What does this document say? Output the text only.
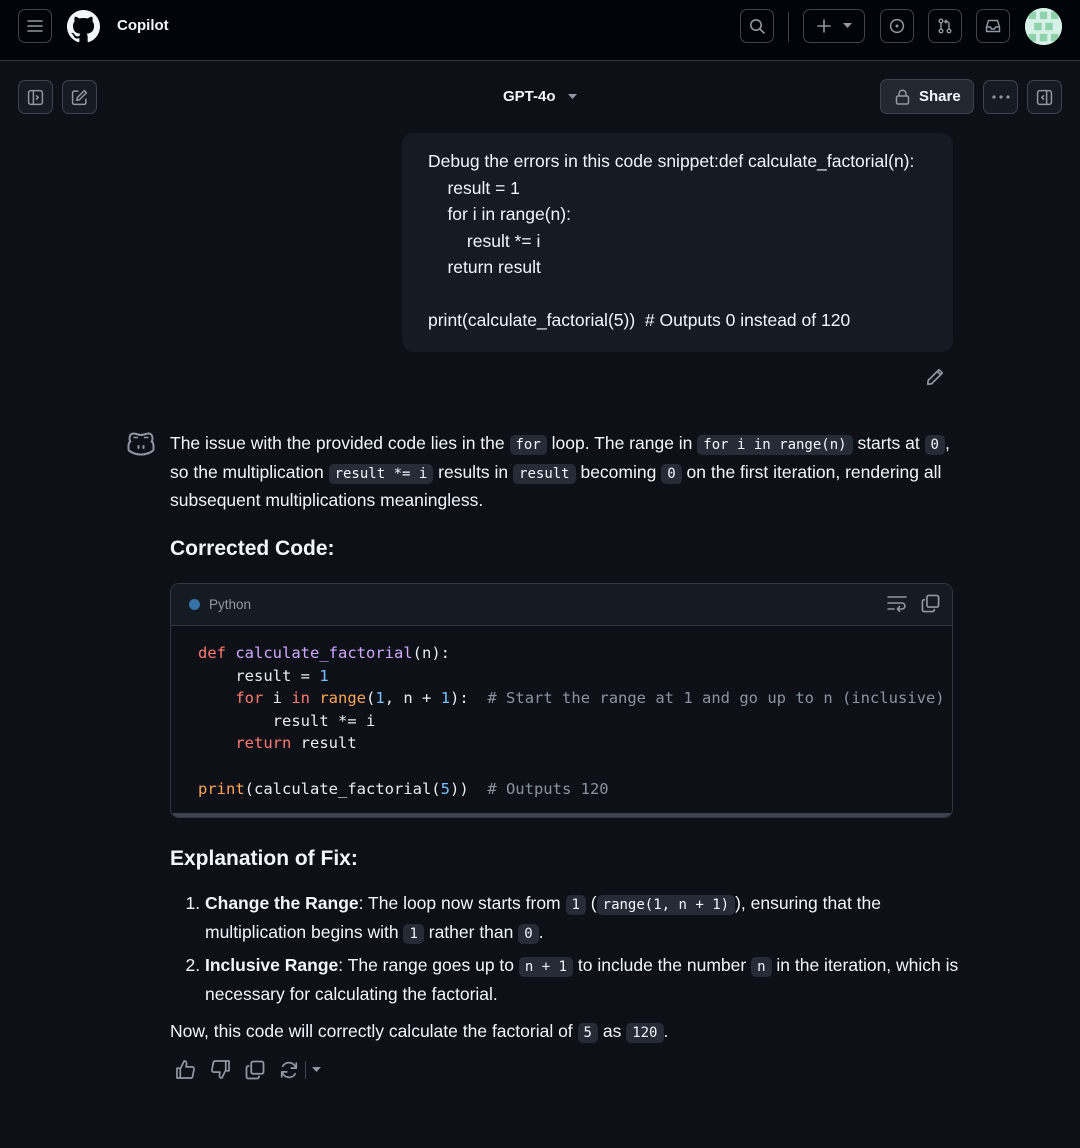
Copilot
GPT-4o	Share
Debug the errors in this code snippet:def calculate_factorial(n):
result = 1
for i in range(n):
result *= i
return result

print(calculate_factorial(5))  # Outputs 0 instead of 120

The issue with the provided code lies in the for loop. The range in for i in range(n) starts at 0 , so the multiplication result *= i results in result becoming 0 on the first iteration, rendering all subsequent multiplications meaningless.

Corrected Code:
Explanation of Fix:
1. Change the Range: The loop now starts from 1 ( range(1, n + 1) ), ensuring that the multiplication begins with 1 rather than 0 .
2. Inclusive Range: The range goes up to n + 1 to include the number n in the iteration, which is necessary for calculating the factorial.

Now, this code will correctly calculate the factorial of 5 as 120 .

Python
def calculate_factorial(n):
result = 1
for i in range(1, n + 1):  # Start the range at 1 and go up to n (inclusive)
result *= i
return result

print(calculate_factorial(5))  # Outputs 120
